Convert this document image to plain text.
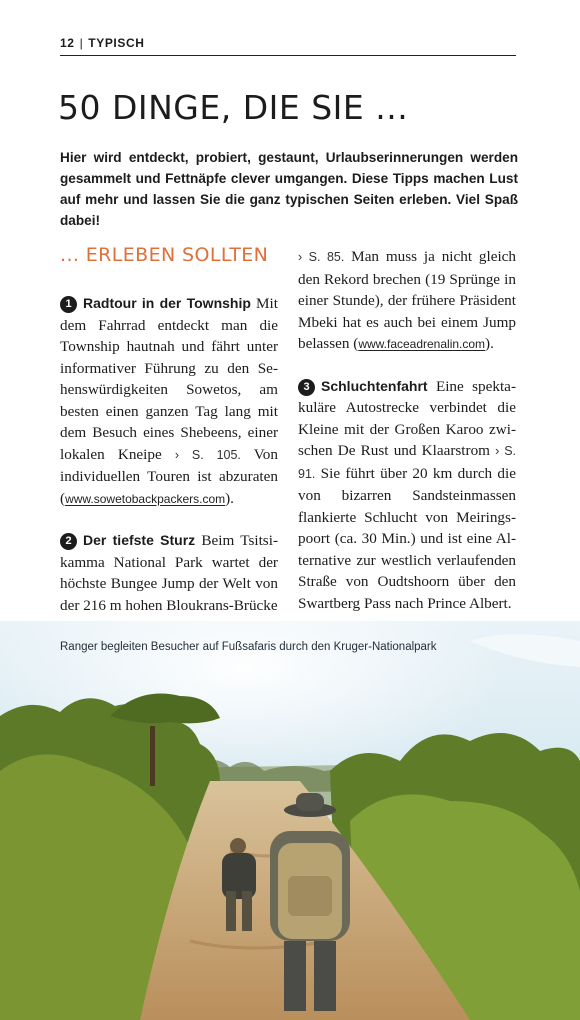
12 | TYPISCH
50 DINGE, DIE SIE ...

Hier wird entdeckt, probiert, gestaunt, Urlaubserinnerungen werden gesammelt und Fettnäpfe clever umgangen. Diese Tipps machen Lust auf mehr und lassen Sie die ganz typischen Seiten erleben. Viel Spaß dabei!

... ERLEBEN SOLLTEN

1 Radtour in der Township Mit dem Fahrrad entdeckt man die Township hautnah und fährt unter informativer Führung zu den Sehenswürdigkeiten Sowetos, am besten einen ganzen Tag lang mit dem Besuch eines Shebeens, einer lokalen Kneipe › S. 105. Von individuellen Touren ist abzuraten (www.sowetobackpackers.com).

2 Der tiefste Sturz Beim Tsitsikamma National Park wartet der höchste Bungee Jump der Welt von der 216 m hohen Bloukrans-Brücke

› S. 85. Man muss ja nicht gleich den Rekord brechen (19 Sprünge in einer Stunde), der frühere Präsident Mbeki hat es auch bei einem Jump belassen (www.faceadrenalin.com).

3 Schluchtenfahrt Eine spektakuläre Autostrecke verbindet die Kleine mit der Großen Karoo zwischen De Rust und Klaarstrom › S. 91. Sie führt über 20 km durch die von bizarren Sandsteinmassen flankierte Schlucht von Meiringspoort (ca. 30 Min.) und ist eine Alternative zur westlich verlaufenden Straße von Oudtshoorn über den Swartberg Pass nach Prince Albert.

Ranger begleiten Besucher auf Fußsafaris durch den Kruger-Nationalpark
